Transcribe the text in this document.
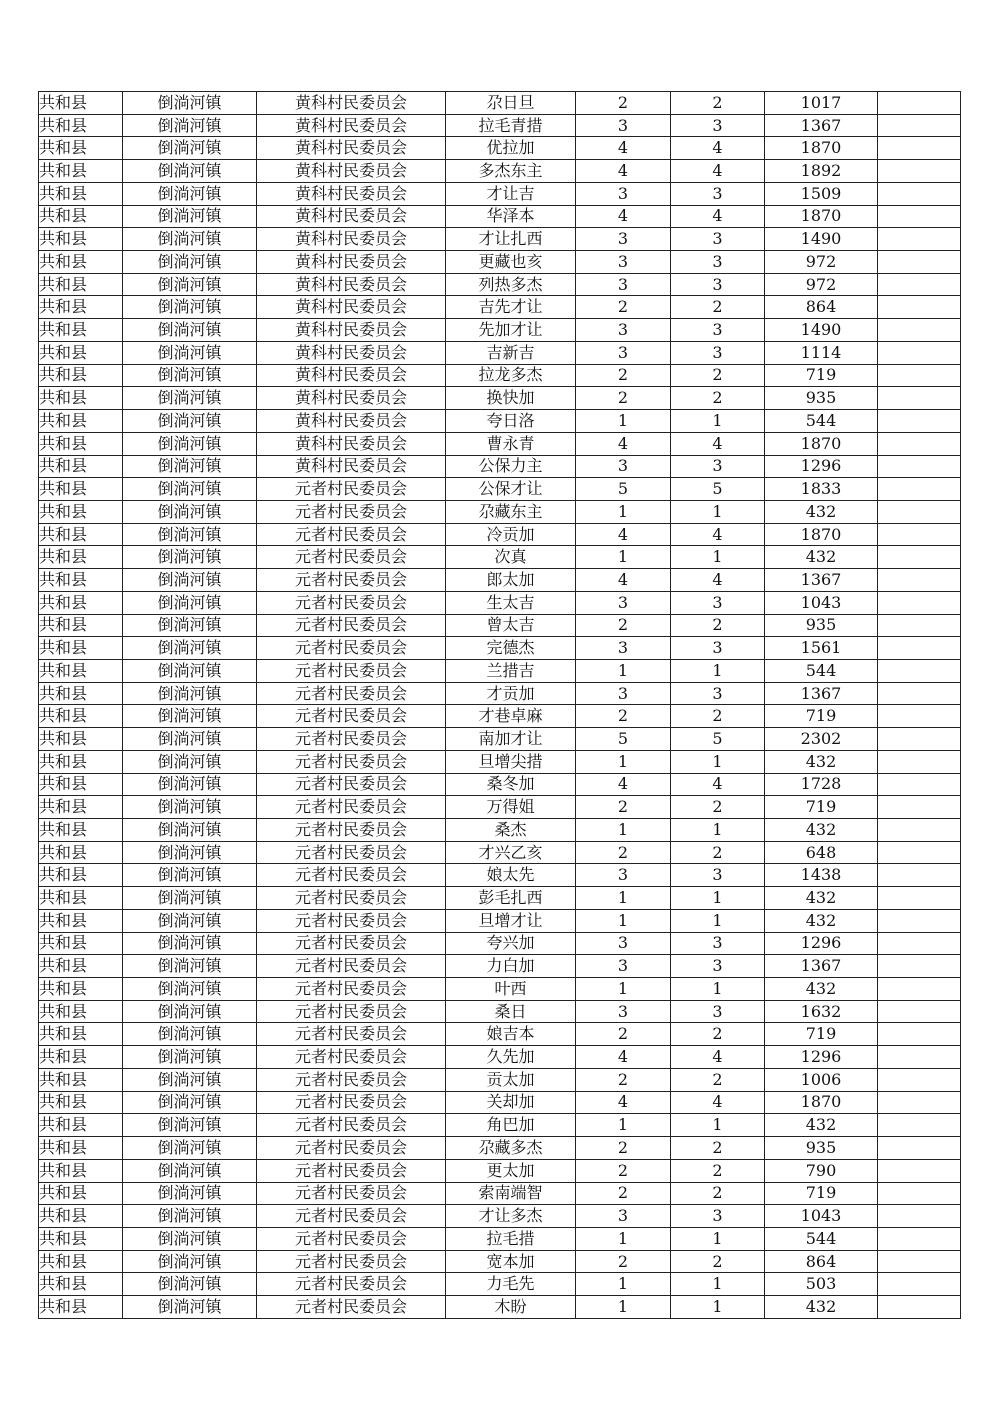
共和县	倒淌河镇	黄科村民委员会	尕日旦	2	2	1017	
共和县	倒淌河镇	黄科村民委员会	拉毛青措	3	3	1367	
共和县	倒淌河镇	黄科村民委员会	优拉加	4	4	1870	
共和县	倒淌河镇	黄科村民委员会	多杰东主	4	4	1892	
共和县	倒淌河镇	黄科村民委员会	才让吉	3	3	1509	
共和县	倒淌河镇	黄科村民委员会	华泽本	4	4	1870	
共和县	倒淌河镇	黄科村民委员会	才让扎西	3	3	1490	
共和县	倒淌河镇	黄科村民委员会	更藏也亥	3	3	972	
共和县	倒淌河镇	黄科村民委员会	列热多杰	3	3	972	
共和县	倒淌河镇	黄科村民委员会	吉先才让	2	2	864	
共和县	倒淌河镇	黄科村民委员会	先加才让	3	3	1490	
共和县	倒淌河镇	黄科村民委员会	吉新吉	3	3	1114	
共和县	倒淌河镇	黄科村民委员会	拉龙多杰	2	2	719	
共和县	倒淌河镇	黄科村民委员会	换快加	2	2	935	
共和县	倒淌河镇	黄科村民委员会	夸日洛	1	1	544	
共和县	倒淌河镇	黄科村民委员会	曹永青	4	4	1870	
共和县	倒淌河镇	黄科村民委员会	公保力主	3	3	1296	
共和县	倒淌河镇	元者村民委员会	公保才让	5	5	1833	
共和县	倒淌河镇	元者村民委员会	尕藏东主	1	1	432	
共和县	倒淌河镇	元者村民委员会	冷贡加	4	4	1870	
共和县	倒淌河镇	元者村民委员会	次真	1	1	432	
共和县	倒淌河镇	元者村民委员会	郎太加	4	4	1367	
共和县	倒淌河镇	元者村民委员会	生太吉	3	3	1043	
共和县	倒淌河镇	元者村民委员会	曾太吉	2	2	935	
共和县	倒淌河镇	元者村民委员会	完德杰	3	3	1561	
共和县	倒淌河镇	元者村民委员会	兰措吉	1	1	544	
共和县	倒淌河镇	元者村民委员会	才贡加	3	3	1367	
共和县	倒淌河镇	元者村民委员会	才巷卓麻	2	2	719	
共和县	倒淌河镇	元者村民委员会	南加才让	5	5	2302	
共和县	倒淌河镇	元者村民委员会	旦增尖措	1	1	432	
共和县	倒淌河镇	元者村民委员会	桑冬加	4	4	1728	
共和县	倒淌河镇	元者村民委员会	万得姐	2	2	719	
共和县	倒淌河镇	元者村民委员会	桑杰	1	1	432	
共和县	倒淌河镇	元者村民委员会	才兴乙亥	2	2	648	
共和县	倒淌河镇	元者村民委员会	娘太先	3	3	1438	
共和县	倒淌河镇	元者村民委员会	彭毛扎西	1	1	432	
共和县	倒淌河镇	元者村民委员会	旦增才让	1	1	432	
共和县	倒淌河镇	元者村民委员会	夸兴加	3	3	1296	
共和县	倒淌河镇	元者村民委员会	力白加	3	3	1367	
共和县	倒淌河镇	元者村民委员会	叶西	1	1	432	
共和县	倒淌河镇	元者村民委员会	桑日	3	3	1632	
共和县	倒淌河镇	元者村民委员会	娘吉本	2	2	719	
共和县	倒淌河镇	元者村民委员会	久先加	4	4	1296	
共和县	倒淌河镇	元者村民委员会	贡太加	2	2	1006	
共和县	倒淌河镇	元者村民委员会	关却加	4	4	1870	
共和县	倒淌河镇	元者村民委员会	角巴加	1	1	432	
共和县	倒淌河镇	元者村民委员会	尕藏多杰	2	2	935	
共和县	倒淌河镇	元者村民委员会	更太加	2	2	790	
共和县	倒淌河镇	元者村民委员会	索南端智	2	2	719	
共和县	倒淌河镇	元者村民委员会	才让多杰	3	3	1043	
共和县	倒淌河镇	元者村民委员会	拉毛措	1	1	544	
共和县	倒淌河镇	元者村民委员会	宽本加	2	2	864	
共和县	倒淌河镇	元者村民委员会	力毛先	1	1	503	
共和县	倒淌河镇	元者村民委员会	木盼	1	1	432	
